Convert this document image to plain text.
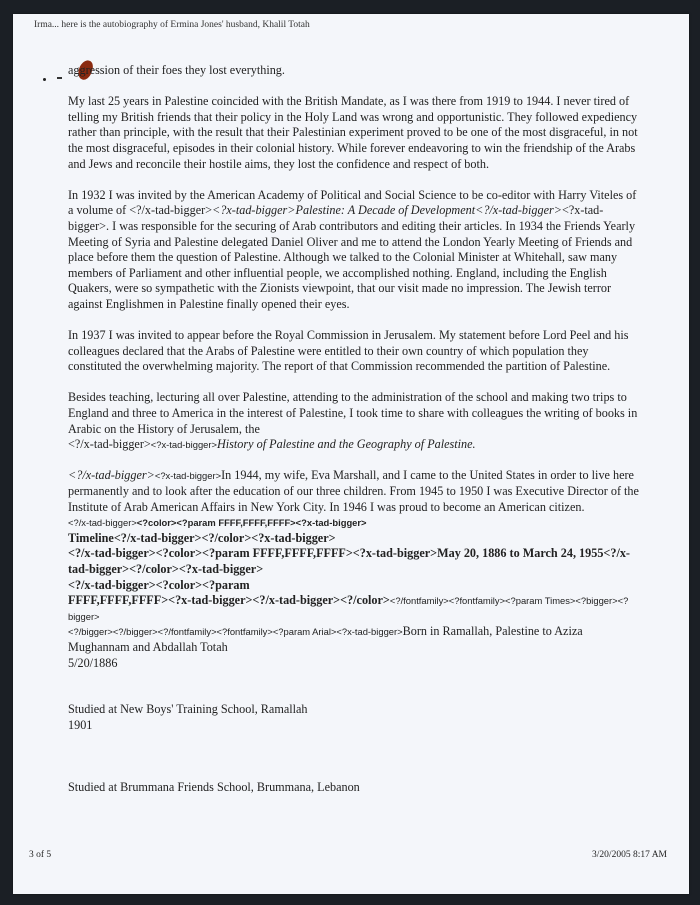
Irma... here is the autobiography of Ermina Jones' husband, Khalil Totah

aggression of their foes they lost everything.

My last 25 years in Palestine coincided with the British Mandate, as I was there from 1919 to 1944. I never tired of telling my British friends that their policy in the Holy Land was wrong and opportunistic. They followed expediency rather than principle, with the result that their Palestinian experiment proved to be one of the most disgraceful, in not the most disgraceful, episodes in their colonial history. While forever endeavoring to win the friendship of the Arabs and Jews and reconcile their hostile aims, they lost the confidence and respect of both.

In 1932 I was invited by the American Academy of Political and Social Science to be co-editor with Harry Viteles of a volume of <?/x-tad-bigger><?x-tad-bigger>Palestine: A Decade of Development<?/x-tad-bigger><?x-tad-bigger>. I was responsible for the securing of Arab contributors and editing their articles. In 1934 the Friends Yearly Meeting of Syria and Palestine delegated Daniel Oliver and me to attend the London Yearly Meeting of Friends and place before them the question of Palestine. Although we talked to the Colonial Minister at Whitehall, saw many members of Parliament and other influential people, we accomplished nothing. England, including the English Quakers, were so sympathetic with the Zionists viewpoint, that our visit made no impression. The Jewish terror against Englishmen in Palestine finally opened their eyes.

In 1937 I was invited to appear before the Royal Commission in Jerusalem. My statement before Lord Peel and his colleagues declared that the Arabs of Palestine were entitled to their own country of which population they constituted the overwhelming majority. The report of that Commission recommended the partition of Palestine.

Besides teaching, lecturing all over Palestine, attending to the administration of the school and making two trips to England and three to America in the interest of Palestine, I took time to share with colleagues the writing of books in Arabic on the History of Jerusalem, the
<?/x-tad-bigger><?x-tad-bigger>History of Palestine and the Geography of Palestine.

<?/x-tad-bigger><?x-tad-bigger>In 1944, my wife, Eva Marshall, and I came to the United States in order to live here permanently and to look after the education of our three children. From 1945 to 1950 I was Executive Director of the Institute of Arab American Affairs in New York City. In 1946 I was proud to become an American citizen.

<?/x-tad-bigger><?color><?param FFFF,FFFF,FFFF><?x-tad-bigger>

Timeline<?/x-tad-bigger><?/color><?x-tad-bigger>

<?/x-tad-bigger><?color><?param FFFF,FFFF,FFFF><?x-tad-bigger>May 20, 1886 to March 24, 1955<?/x-tad-bigger><?/color><?x-tad-bigger>

<?/x-tad-bigger><?color><?param

FFFF,FFFF,FFFF><?x-tad-bigger><?/x-tad-bigger><?/color><?/fontfamily><?fontfamily><?param Times><?bigger><?bigger>

<?/bigger><?/bigger><?/fontfamily><?fontfamily><?param Arial><?x-tad-bigger>Born in Ramallah, Palestine to Aziza Mughannam and Abdallah Totah

5/20/1886

Studied at New Boys' Training School, Ramallah

1901

Studied at Brummana Friends School, Brummana, Lebanon

3 of 5	3/20/2005 8:17 AM
